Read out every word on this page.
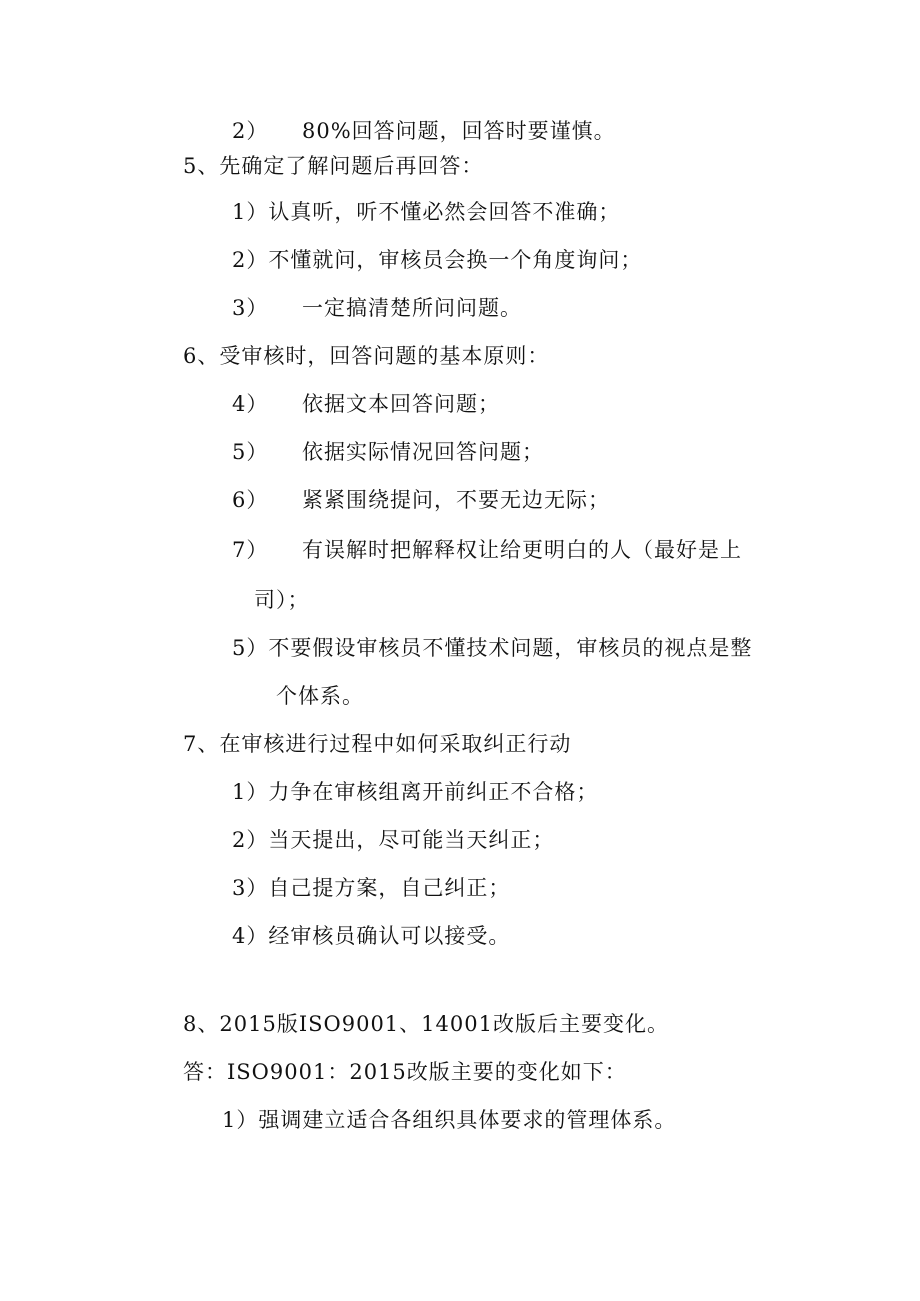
2） 80%回答问题，回答时要谨慎。
5、先确定了解问题后再回答：
1）认真听，听不懂必然会回答不准确；
2）不懂就问，审核员会换一个角度询问；
3） 一定搞清楚所问问题。
6、受审核时，回答问题的基本原则：
4） 依据文本回答问题；
5） 依据实际情况回答问题；
6） 紧紧围绕提问，不要无边无际；
7） 有误解时把解释权让给更明白的人（最好是上
司）；
5）不要假设审核员不懂技术问题，审核员的视点是整
个体系。
7、在审核进行过程中如何采取纠正行动
1）力争在审核组离开前纠正不合格；
2）当天提出，尽可能当天纠正；
3）自己提方案，自己纠正；
4）经审核员确认可以接受。
8、2015版ISO9001、14001改版后主要变化。
答：ISO9001：2015改版主要的变化如下：
1）强调建立适合各组织具体要求的管理体系。
